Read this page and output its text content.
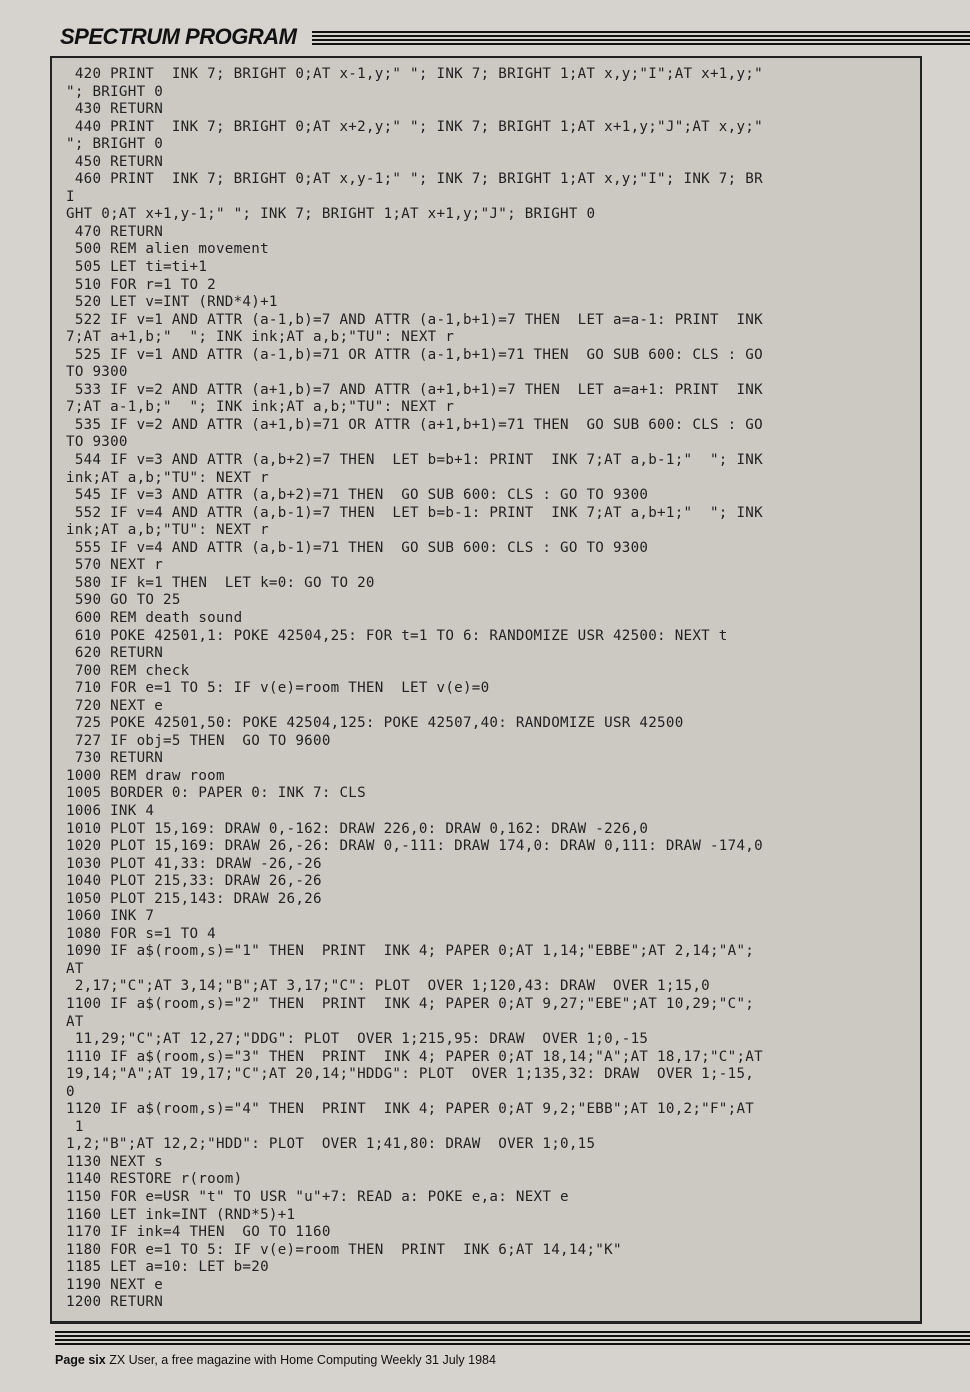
SPECTRUM PROGRAM
420 PRINT  INK 7; BRIGHT 0;AT x-1,y;" "; INK 7; BRIGHT 1;AT x,y;"I";AT x+1,y;"
"; BRIGHT 0
430 RETURN
440 PRINT  INK 7; BRIGHT 0;AT x+2,y;" "; INK 7; BRIGHT 1;AT x+1,y;"J";AT x,y;"
"; BRIGHT 0
450 RETURN
460 PRINT  INK 7; BRIGHT 0;AT x,y-1;" "; INK 7; BRIGHT 1;AT x,y;"I"; INK 7; BR
I
GHT 0;AT x+1,y-1;" "; INK 7; BRIGHT 1;AT x+1,y;"J"; BRIGHT 0
470 RETURN
500 REM alien movement
505 LET ti=ti+1
510 FOR r=1 TO 2
520 LET v=INT (RND*4)+1
522 IF v=1 AND ATTR (a-1,b)=7 AND ATTR (a-1,b+1)=7 THEN  LET a=a-1: PRINT  INK
7;AT a+1,b;"  "; INK ink;AT a,b;"TU": NEXT r
525 IF v=1 AND ATTR (a-1,b)=71 OR ATTR (a-1,b+1)=71 THEN  GO SUB 600: CLS : GO
TO 9300
533 IF v=2 AND ATTR (a+1,b)=7 AND ATTR (a+1,b+1)=7 THEN  LET a=a+1: PRINT  INK
7;AT a-1,b;"  "; INK ink;AT a,b;"TU": NEXT r
535 IF v=2 AND ATTR (a+1,b)=71 OR ATTR (a+1,b+1)=71 THEN  GO SUB 600: CLS : GO
TO 9300
544 IF v=3 AND ATTR (a,b+2)=7 THEN  LET b=b+1: PRINT  INK 7;AT a,b-1;"  "; INK
ink;AT a,b;"TU": NEXT r
545 IF v=3 AND ATTR (a,b+2)=71 THEN  GO SUB 600: CLS : GO TO 9300
552 IF v=4 AND ATTR (a,b-1)=7 THEN  LET b=b-1: PRINT  INK 7;AT a,b+1;"  "; INK
ink;AT a,b;"TU": NEXT r
555 IF v=4 AND ATTR (a,b-1)=71 THEN  GO SUB 600: CLS : GO TO 9300
570 NEXT r
580 IF k=1 THEN  LET k=0: GO TO 20
590 GO TO 25
600 REM death sound
610 POKE 42501,1: POKE 42504,25: FOR t=1 TO 6: RANDOMIZE USR 42500: NEXT t
620 RETURN
700 REM check
710 FOR e=1 TO 5: IF v(e)=room THEN  LET v(e)=0
720 NEXT e
725 POKE 42501,50: POKE 42504,125: POKE 42507,40: RANDOMIZE USR 42500
727 IF obj=5 THEN  GO TO 9600
730 RETURN
1000 REM draw room
1005 BORDER 0: PAPER 0: INK 7: CLS
1006 INK 4
1010 PLOT 15,169: DRAW 0,-162: DRAW 226,0: DRAW 0,162: DRAW -226,0
1020 PLOT 15,169: DRAW 26,-26: DRAW 0,-111: DRAW 174,0: DRAW 0,111: DRAW -174,0
1030 PLOT 41,33: DRAW -26,-26
1040 PLOT 215,33: DRAW 26,-26
1050 PLOT 215,143: DRAW 26,26
1060 INK 7
1080 FOR s=1 TO 4
1090 IF a$(room,s)="1" THEN  PRINT  INK 4; PAPER 0;AT 1,14;"EBBE";AT 2,14;"A";
AT
2,17;"C";AT 3,14;"B";AT 3,17;"C": PLOT  OVER 1;120,43: DRAW  OVER 1;15,0
1100 IF a$(room,s)="2" THEN  PRINT  INK 4; PAPER 0;AT 9,27;"EBE";AT 10,29;"C";
AT
11,29;"C";AT 12,27;"DDG": PLOT  OVER 1;215,95: DRAW  OVER 1;0,-15
1110 IF a$(room,s)="3" THEN  PRINT  INK 4; PAPER 0;AT 18,14;"A";AT 18,17;"C";AT
19,14;"A";AT 19,17;"C";AT 20,14;"HDDG": PLOT  OVER 1;135,32: DRAW  OVER 1;-15,
0
1120 IF a$(room,s)="4" THEN  PRINT  INK 4; PAPER 0;AT 9,2;"EBB";AT 10,2;"F";AT
1
1,2;"B";AT 12,2;"HDD": PLOT  OVER 1;41,80: DRAW  OVER 1;0,15
1130 NEXT s
1140 RESTORE r(room)
1150 FOR e=USR "t" TO USR "u"+7: READ a: POKE e,a: NEXT e
1160 LET ink=INT (RND*5)+1
1170 IF ink=4 THEN  GO TO 1160
1180 FOR e=1 TO 5: IF v(e)=room THEN  PRINT  INK 6;AT 14,14;"K"
1185 LET a=10: LET b=20
1190 NEXT e
1200 RETURN
Page six ZX User, a free magazine with Home Computing Weekly 31 July 1984
